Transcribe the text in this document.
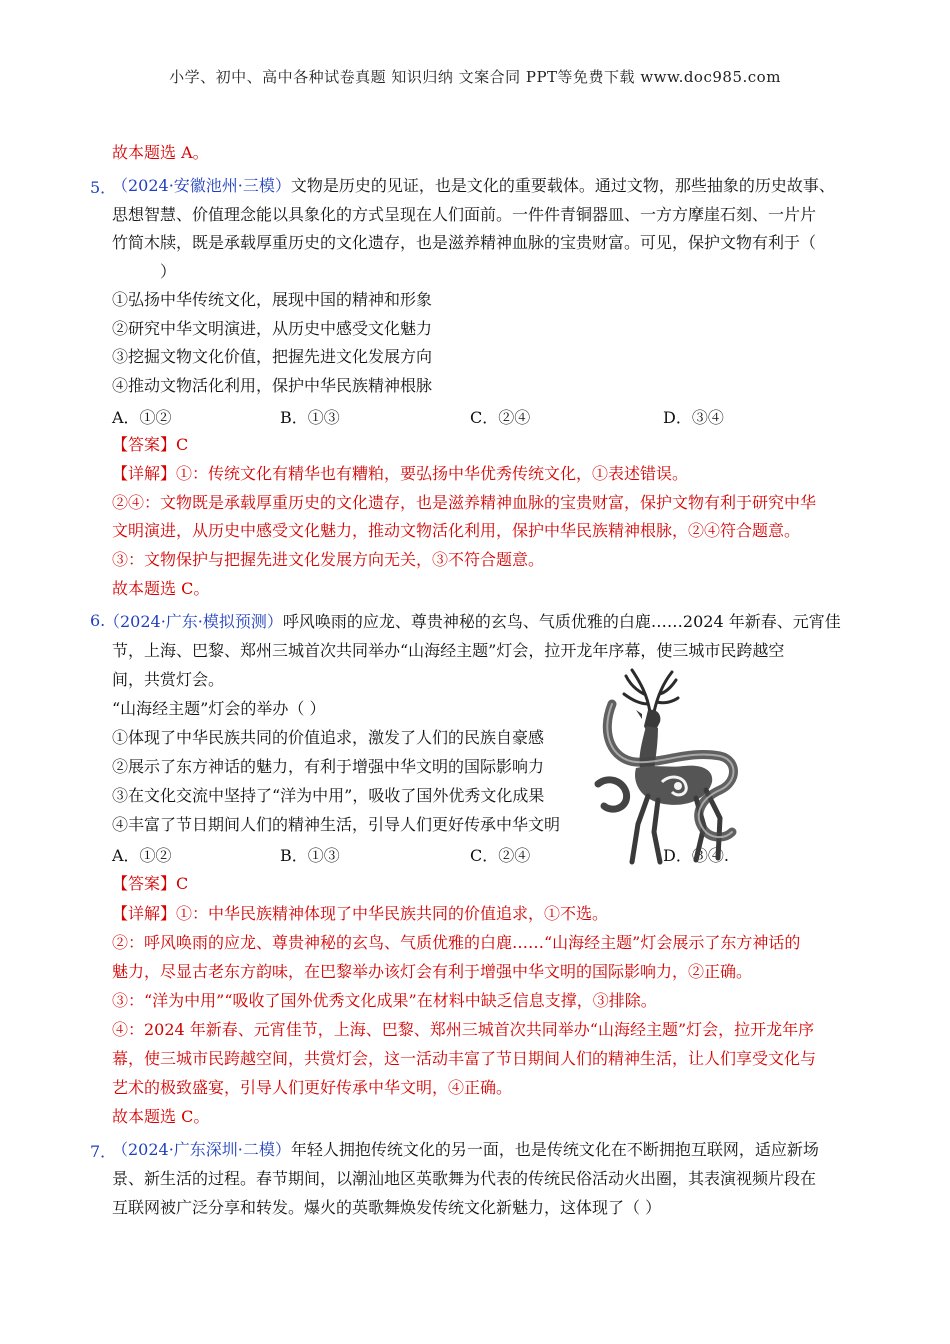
小学、初中、高中各种试卷真题 知识归纳 文案合同 PPT等免费下载 www.doc985.com
故本题选 A。
5．
（2024·安徽池州·三模）文物是历史的见证，也是文化的重要载体。通过文物，那些抽象的历史故事、
思想智慧、价值理念能以具象化的方式呈现在人们面前。一件件青铜器皿、一方方摩崖石刻、一片片
竹简木牍，既是承载厚重历史的文化遗存，也是滋养精神血脉的宝贵财富。可见，保护文物有利于（
）
①弘扬中华传统文化，展现中国的精神和形象
②研究中华文明演进，从历史中感受文化魅力
③挖掘文物文化价值，把握先进文化发展方向
④推动文物活化利用，保护中华民族精神根脉
A．①②	B．①③	C．②④	D．③④
【答案】C
【详解】①：传统文化有精华也有糟粕，要弘扬中华优秀传统文化，①表述错误。
②④：文物既是承载厚重历史的文化遗存，也是滋养精神血脉的宝贵财富，保护文物有利于研究中华
文明演进，从历史中感受文化魅力，推动文物活化利用，保护中华民族精神根脉，②④符合题意。
③：文物保护与把握先进文化发展方向无关，③不符合题意。
故本题选 C。
6.
（2024·广东·模拟预测）呼风唤雨的应龙、尊贵神秘的玄鸟、气质优雅的白鹿……2024 年新春、元宵佳
节，上海、巴黎、郑州三城首次共同举办“山海经主题”灯会，拉开龙年序幕，使三城市民跨越空
间，共赏灯会。
“山海经主题”灯会的举办（ ）
①体现了中华民族共同的价值追求，激发了人们的民族自豪感
②展示了东方神话的魅力，有利于增强中华文明的国际影响力
③在文化交流中坚持了“洋为中用”，吸收了国外优秀文化成果
④丰富了节日期间人们的精神生活，引导人们更好传承中华文明
A．①②	B．①③	C．②④	D．③④.
【答案】C
【详解】①：中华民族精神体现了中华民族共同的价值追求，①不选。
②：呼风唤雨的应龙、尊贵神秘的玄鸟、气质优雅的白鹿……“山海经主题”灯会展示了东方神话的
魅力，尽显古老东方韵味，在巴黎举办该灯会有利于增强中华文明的国际影响力，②正确。
③：“洋为中用”“吸收了国外优秀文化成果”在材料中缺乏信息支撑，③排除。
④：2024 年新春、元宵佳节，上海、巴黎、郑州三城首次共同举办“山海经主题”灯会，拉开龙年序
幕，使三城市民跨越空间，共赏灯会，这一活动丰富了节日期间人们的精神生活，让人们享受文化与
艺术的极致盛宴，引导人们更好传承中华文明，④正确。
故本题选 C。
7．
（2024·广东深圳·二模）年轻人拥抱传统文化的另一面，也是传统文化在不断拥抱互联网，适应新场
景、新生活的过程。春节期间，以潮汕地区英歌舞为代表的传统民俗活动火出圈，其表演视频片段在
互联网被广泛分享和转发。爆火的英歌舞焕发传统文化新魅力，这体现了（ ）
